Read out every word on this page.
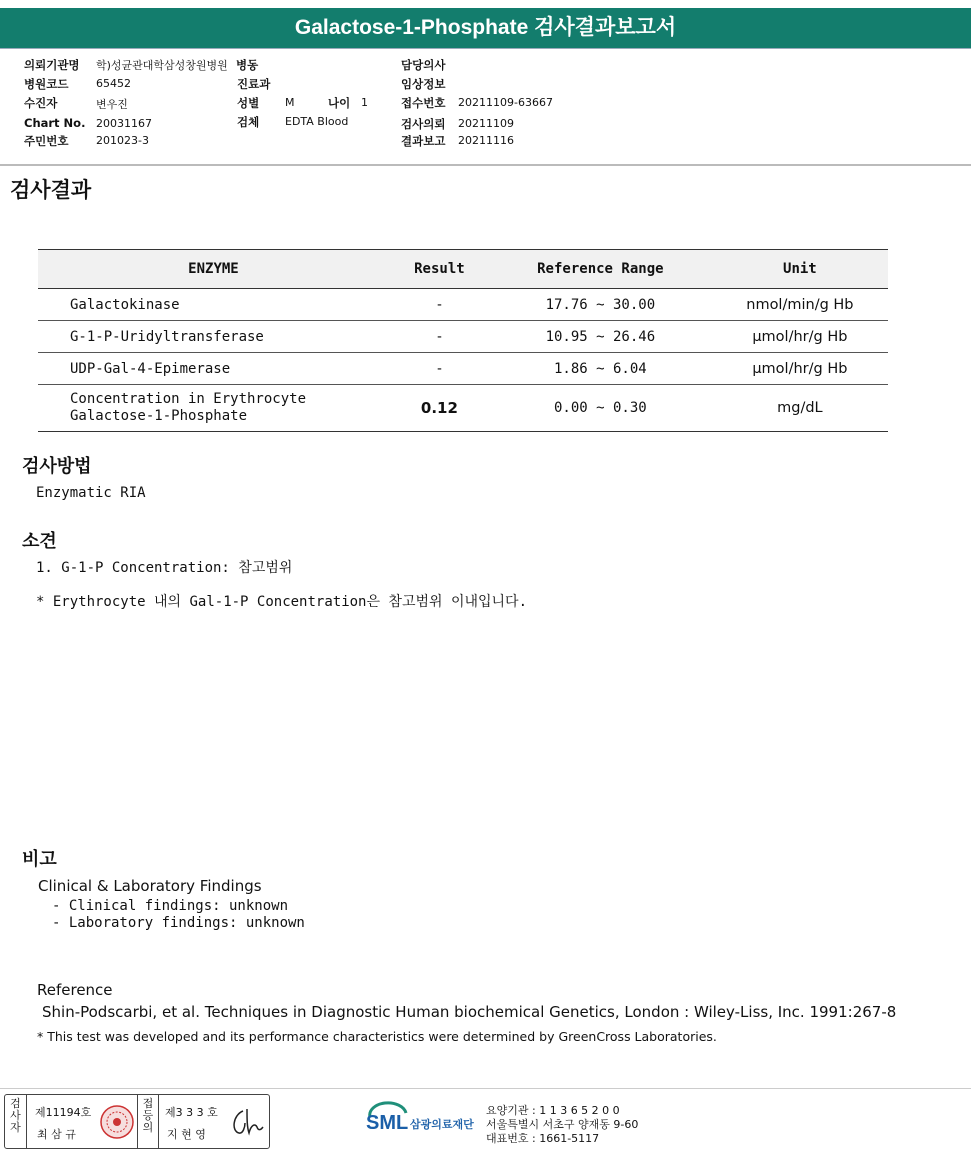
Galactose-1-Phosphate 검사결과보고서
의뢰기관명 학)성균관대학삼성창원병원
병원코드	65452
수진자	변우진
Chart No. 20031167
주민번호	201023-3
병동
진료과
성별 M	나이 1
검체 EDTA Blood
담당의사
임상정보
접수번호 20211109-63667
검사의뢰 20211109
결과보고 20211116
검사결과
ENZYME	Result	Reference Range	Unit
Galactokinase	-	17.76 ~ 30.00	nmol/min/g Hb
G-1-P-Uridyltransferase	-	10.95 ~ 26.46	μmol/hr/g Hb
UDP-Gal-4-Epimerase	-	1.86 ~ 6.04	μmol/hr/g Hb

Concentration in Erythrocyte
Galactose-1-Phosphate	0.12	0.00 ~ 0.30	mg/dL
검사방법
Enzymatic RIA
소견
1. G-1-P Concentration: 참고범위
* Erythrocyte 내의 Gal-1-P Concentration은 참고범위 이내입니다.
비고
Clinical & Laboratory Findings
- Clinical findings: unknown
- Laboratory findings: unknown
Reference
Shin-Podscarbi, et al. Techniques in Diagnostic Human biochemical Genetics, London : Wiley-Liss, Inc. 1991:267-8
* This test was developed and its performance characteristics were determined by GreenCross Laboratories.
검사자
제11194호
최 삼 규
접등의
제3 3 3 호
지 현 영
SML 삼광의료재단
요양기관 : 1 1 3 6 5 2 0 0
서울특별시 서초구 양재동 9-60
대표번호 : 1661-5117
